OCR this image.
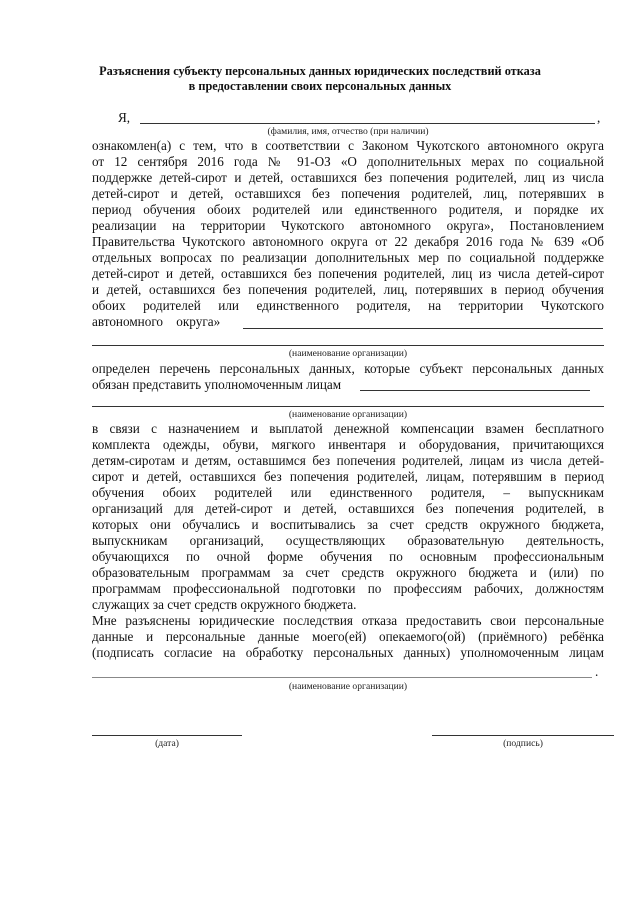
Разъяснения субъекту персональных данных юридических последствий отказа
в предоставлении своих персональных данных
Я,	,
(фамилия, имя, отчество (при наличии)
ознакомлен(а) с тем, что в соответствии с Законом Чукотского автономного округа
от 12 сентября 2016 года № 91-ОЗ «О дополнительных мерах по социальной
поддержке детей-сирот и детей, оставшихся без попечения родителей, лиц из числа
детей-сирот и детей, оставшихся без попечения родителей, лиц, потерявших в
период обучения обоих родителей или единственного родителя, и порядке их
реализации на территории Чукотского автономного округа», Постановлением
Правительства Чукотского автономного округа от 22 декабря 2016 года № 639 «Об
отдельных вопросах по реализации дополнительных мер по социальной поддержке
детей-сирот и детей, оставшихся без попечения родителей, лиц из числа детей-сирот
и детей, оставшихся без попечения родителей, лиц, потерявших в период обучения
обоих родителей или единственного родителя, на территории Чукотского
автономного округа»
(наименование организации)
определен перечень персональных данных, которые субъект персональных данных
обязан представить уполномоченным лицам
(наименование организации)
в связи с назначением и выплатой денежной компенсации взамен бесплатного
комплекта одежды, обуви, мягкого инвентаря и оборудования, причитающихся
детям-сиротам и детям, оставшимся без попечения родителей, лицам из числа детей-
сирот и детей, оставшихся без попечения родителей, лицам, потерявшим в период
обучения обоих родителей или единственного родителя, – выпускникам
организаций для детей-сирот и детей, оставшихся без попечения родителей, в
которых они обучались и воспитывались за счет средств окружного бюджета,
выпускникам организаций, осуществляющих образовательную деятельность,
обучающихся по очной форме обучения по основным профессиональным
образовательным программам за счет средств окружного бюджета и (или) по
программам профессиональной подготовки по профессиям рабочих, должностям
служащих за счет средств окружного бюджета.
Мне разъяснены юридические последствия отказа предоставить свои персональные
данные и персональные данные моего(ей) опекаемого(ой) (приёмного) ребёнка
(подписать согласие на обработку персональных данных) уполномоченным лицам
.
(наименование организации)
(дата)	(подпись)
